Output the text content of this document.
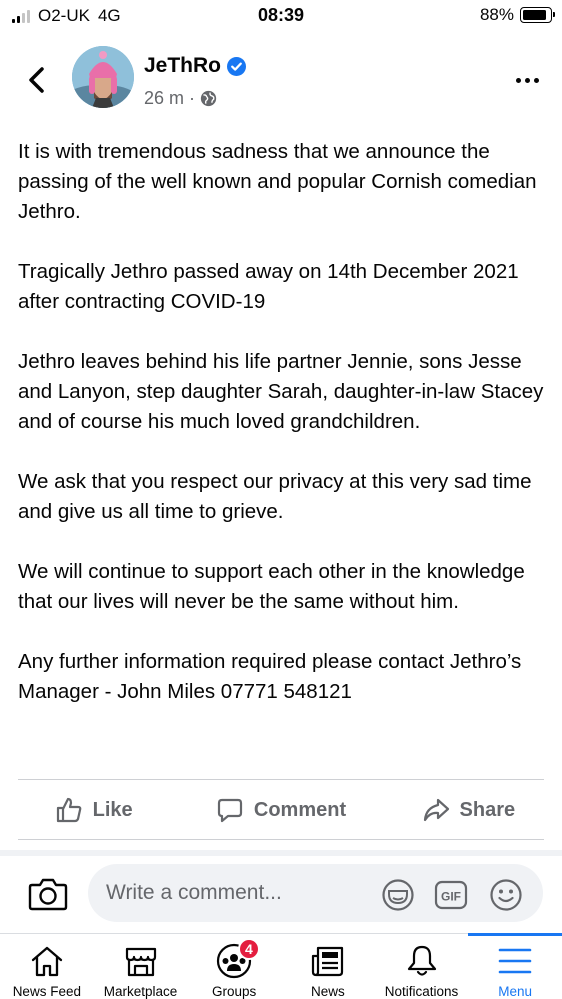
O2-UK 4G	08:39	88%
JeThRo
26 m ·

It is with tremendous sadness that we announce the passing of the well known and popular Cornish comedian Jethro.

Tragically Jethro passed away on 14th December 2021 after contracting COVID-19

Jethro leaves behind his life partner Jennie, sons Jesse and Lanyon, step daughter Sarah, daughter-in-law Stacey and of course his much loved grandchildren.

We ask that you respect our privacy at this very sad time and give us all time to grieve.

We will continue to support each other in the knowledge that our lives will never be the same without him.

Any further information required please contact Jethro’s Manager - John Miles 07771 548121

Like	Comment	Share
Write a comment...	GIF
News Feed Marketplace
4
Groups	News	Notifications	Menu
